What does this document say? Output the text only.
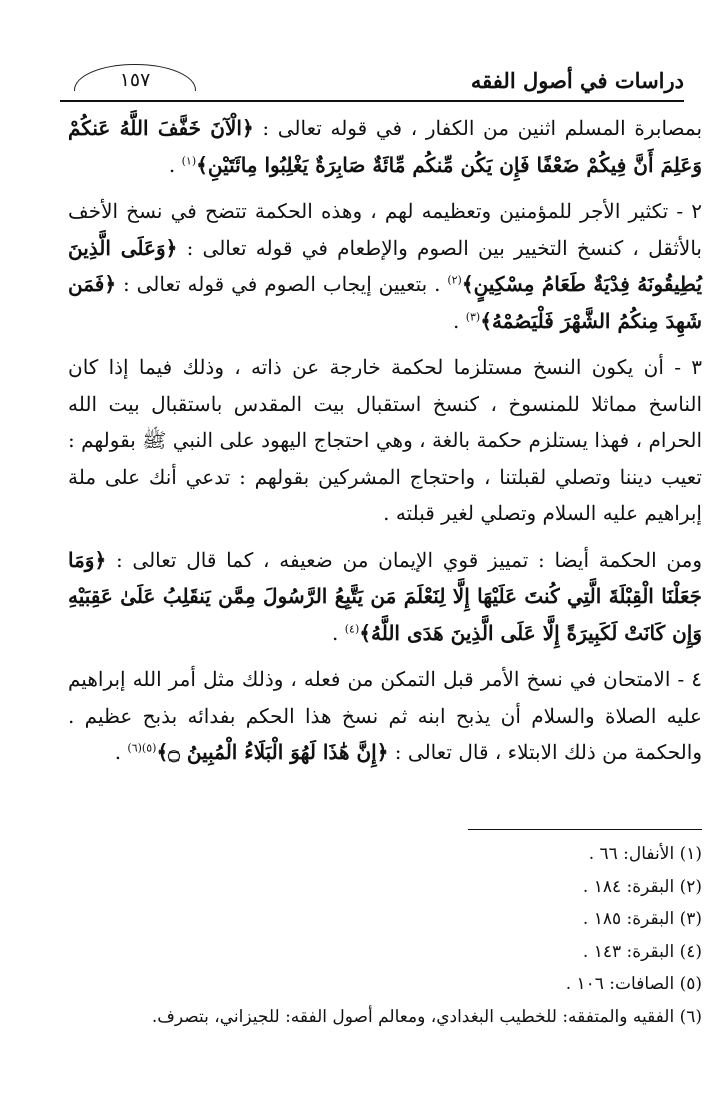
دراسات في أصول الفقه
١٥٧

بمصابرة المسلم اثنين من الكفار ، في قوله تعالى : ﴿الْآنَ خَفَّفَ اللَّهُ عَنكُمْ وَعَلِمَ أَنَّ فِيكُمْ ضَعْفًا فَإِن يَكُن مِّنكُم مِّائَةٌ صَابِرَةٌ يَغْلِبُوا مِائَتَيْنِ﴾$^{(١)}$ .

٢ - تكثير الأجر للمؤمنين وتعظيمه لهم ، وهذه الحكمة تتضح في نسخ الأخف بالأثقل ، كنسخ التخيير بين الصوم والإطعام في قوله تعالى : ﴿وَعَلَى الَّذِينَ يُطِيقُونَهُ فِدْيَةٌ طَعَامُ مِسْكِينٍ﴾$^{(٢)}$ . بتعيين إيجاب الصوم في قوله تعالى : ﴿فَمَن شَهِدَ مِنكُمُ الشَّهْرَ فَلْيَصُمْهُ﴾$^{(٣)}$ .

٣ - أن يكون النسخ مستلزما لحكمة خارجة عن ذاته ، وذلك فيما إذا كان الناسخ مماثلا للمنسوخ ، كنسخ استقبال بيت المقدس باستقبال بيت الله الحرام ، فهذا يستلزم حكمة بالغة ، وهي احتجاج اليهود على النبي ﷺ بقولهم : تعيب ديننا وتصلي لقبلتنا ، واحتجاج المشركين بقولهم : تدعي أنك على ملة إبراهيم عليه السلام وتصلي لغير قبلته .

ومن الحكمة أيضا : تمييز قوي الإيمان من ضعيفه ، كما قال تعالى : ﴿وَمَا جَعَلْنَا الْقِبْلَةَ الَّتِي كُنتَ عَلَيْهَا إِلَّا لِنَعْلَمَ مَن يَتَّبِعُ الرَّسُولَ مِمَّن يَنقَلِبُ عَلَىٰ عَقِبَيْهِ وَإِن كَانَتْ لَكَبِيرَةً إِلَّا عَلَى الَّذِينَ هَدَى اللَّهُ﴾$^{(٤)}$ .

٤ - الامتحان في نسخ الأمر قبل التمكن من فعله ، وذلك مثل أمر الله إبراهيم عليه الصلاة والسلام أن يذبح ابنه ثم نسخ هذا الحكم بفدائه بذبح عظيم . والحكمة من ذلك الابتلاء ، قال تعالى : ﴿إِنَّ هَٰذَا لَهُوَ الْبَلَاءُ الْمُبِينُ ۝﴾$^{(٥)(٦)}$ .

(١) الأنفال: ٦٦ .
(٢) البقرة: ١٨٤ .
(٣) البقرة: ١٨٥ .
(٤) البقرة: ١٤٣ .
(٥) الصافات: ١٠٦ .
(٦) الفقيه والمتفقه: للخطيب البغدادي، ومعالم أصول الفقه: للجيزاني، بتصرف.
